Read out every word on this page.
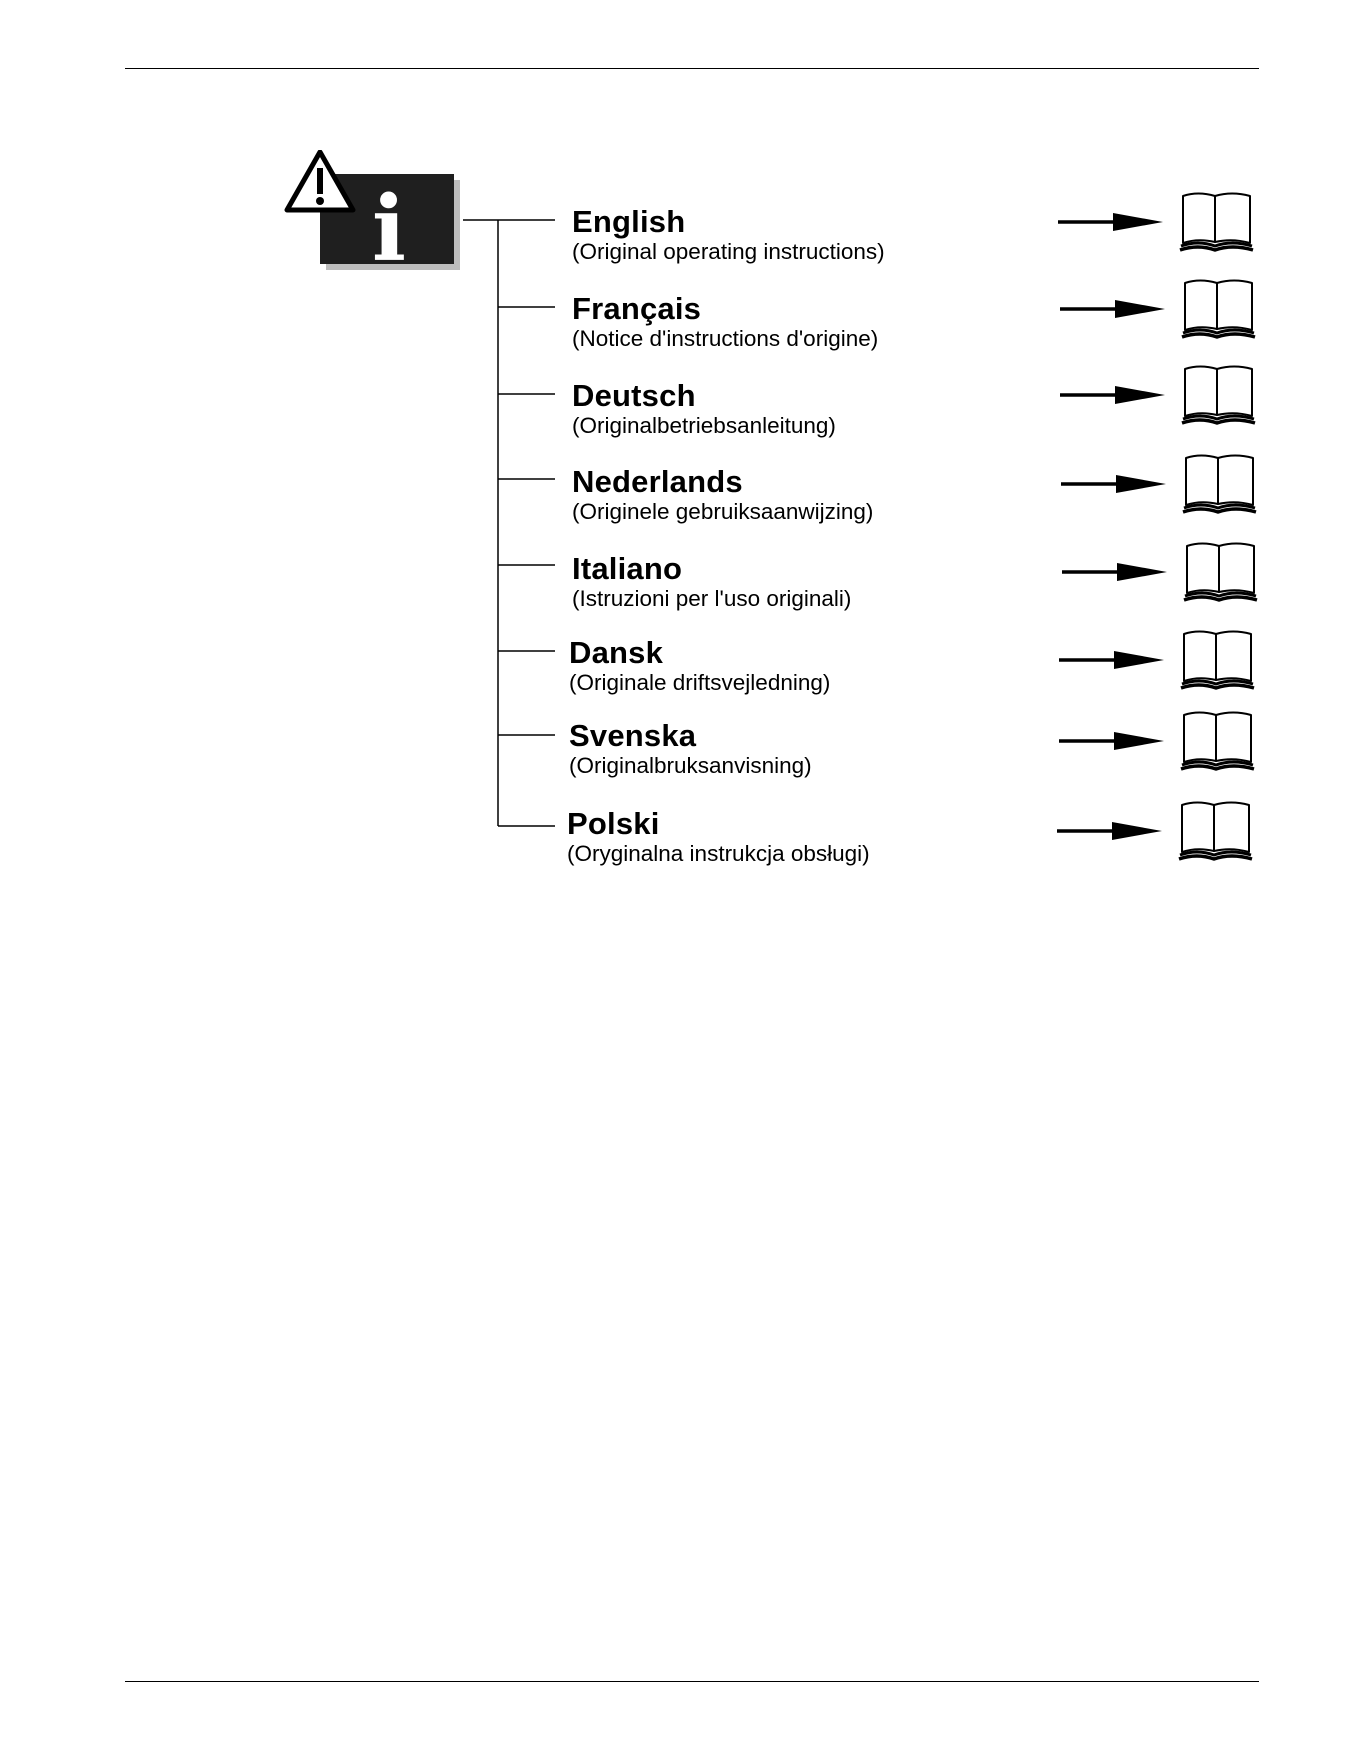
i	English
(Original operating instructions)
Français
(Notice d'instructions d'origine)
Deutsch
(Originalbetriebsanleitung)
Nederlands
(Originele gebruiksaanwijzing)
Italiano
(Istruzioni per l'uso originali)
Dansk
(Originale driftsvejledning)
Svenska
(Originalbruksanvisning)
Polski
(Oryginalna instrukcja obsługi)
